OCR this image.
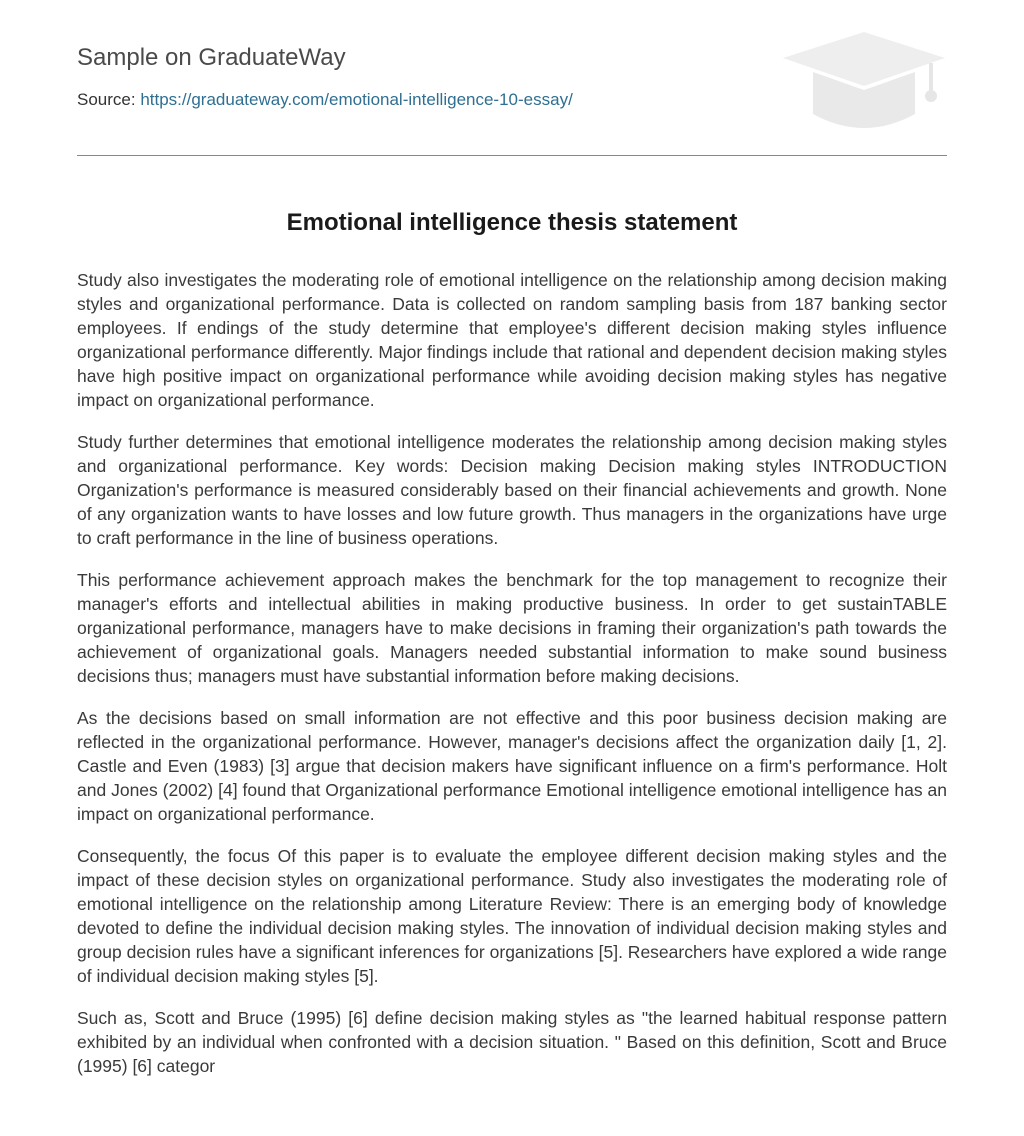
Sample on GraduateWay
Source: https://graduateway.com/emotional-intelligence-10-essay/
Emotional intelligence thesis statement

Study also investigates the moderating role of emotional intelligence on the relationship among decision making styles and organizational performance. Data is collected on random sampling basis from 187 banking sector employees. If endings of the study determine that employee's different decision making styles influence organizational performance differently. Major findings include that rational and dependent decision making styles have high positive impact on organizational performance while avoiding decision making styles has negative impact on organizational performance.

Study further determines that emotional intelligence moderates the relationship among decision making styles and organizational performance. Key words: Decision making Decision making styles INTRODUCTION Organization's performance is measured considerably based on their financial achievements and growth. None of any organization wants to have losses and low future growth. Thus managers in the organizations have urge to craft performance in the line of business operations.

This performance achievement approach makes the benchmark for the top management to recognize their manager's efforts and intellectual abilities in making productive business. In order to get sustainTABLE organizational performance, managers have to make decisions in framing their organization's path towards the achievement of organizational goals. Managers needed substantial information to make sound business decisions thus; managers must have substantial information before making decisions.

As the decisions based on small information are not effective and this poor business decision making are reflected in the organizational performance. However, manager's decisions affect the organization daily [1, 2]. Castle and Even (1983) [3] argue that decision makers have significant influence on a firm's performance. Holt and Jones (2002) [4] found that Organizational performance Emotional intelligence emotional intelligence has an impact on organizational performance.

Consequently, the focus Of this paper is to evaluate the employee different decision making styles and the impact of these decision styles on organizational performance. Study also investigates the moderating role of emotional intelligence on the relationship among Literature Review: There is an emerging body of knowledge devoted to define the individual decision making styles. The innovation of individual decision making styles and group decision rules have a significant inferences for organizations [5]. Researchers have explored a wide range of individual decision making styles [5].

Such as, Scott and Bruce (1995) [6] define decision making styles as "the learned habitual response pattern exhibited by an individual when confronted with a decision situation. " Based on this definition, Scott and Bruce (1995) [6] categor
